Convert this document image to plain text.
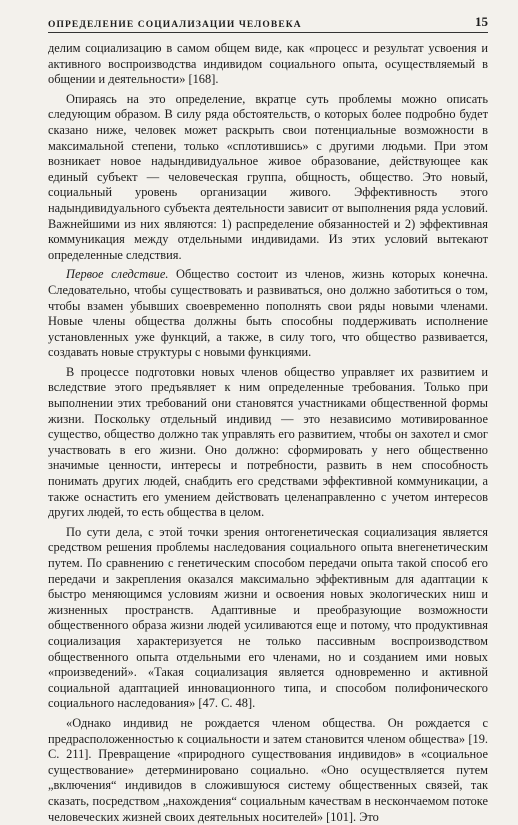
ОПРЕДЕЛЕНИЕ СОЦИАЛИЗАЦИИ ЧЕЛОВЕКА	15

делим социализацию в самом общем виде, как «процесс и результат усвоения и активного воспроизводства индивидом социального опыта, осуществляемый в общении и деятельности» [168].

Опираясь на это определение, вкратце суть проблемы можно описать следующим образом. В силу ряда обстоятельств, о которых более подробно будет сказано ниже, человек может раскрыть свои потенциальные возможности в максимальной степени, только «сплотившись» с другими людьми. При этом возникает новое надындивидуальное живое образование, действующее как единый субъект — человеческая группа, общность, общество. Это новый, социальный уровень организации живого. Эффективность этого надындивидуального субъекта деятельности зависит от выполнения ряда условий. Важнейшими из них являются: 1) распределение обязанностей и 2) эффективная коммуникация между отдельными индивидами. Из этих условий вытекают определенные следствия.

Первое следствие. Общество состоит из членов, жизнь которых конечна. Следовательно, чтобы существовать и развиваться, оно должно заботиться о том, чтобы взамен убывших своевременно пополнять свои ряды новыми членами. Новые члены общества должны быть способны поддерживать исполнение установленных уже функций, а также, в силу того, что общество развивается, создавать новые структуры с новыми функциями.

В процессе подготовки новых членов общество управляет их развитием и вследствие этого предъявляет к ним определенные требования. Только при выполнении этих требований они становятся участниками общественной формы жизни. Поскольку отдельный индивид — это независимо мотивированное существо, общество должно так управлять его развитием, чтобы он захотел и смог участвовать в его жизни. Оно должно: сформировать у него общественно значимые ценности, интересы и потребности, развить в нем способность понимать других людей, снабдить его средствами эффективной коммуникации, а также оснастить его умением действовать целенаправленно с учетом интересов других людей, то есть общества в целом.

По сути дела, с этой точки зрения онтогенетическая социализация является средством решения проблемы наследования социального опыта внегенетическим путем. По сравнению с генетическим способом передачи опыта такой способ его передачи и закрепления оказался максимально эффективным для адаптации к быстро меняющимся условиям жизни и освоения новых экологических ниш и жизненных пространств. Адаптивные и преобразующие возможности общественного образа жизни людей усиливаются еще и потому, что продуктивная социализация характеризуется не только пассивным воспроизводством общественного опыта отдельными его членами, но и созданием ими новых «произведений». «Такая социализация является одновременно и активной социальной адаптацией инновационного типа, и способом полифонического социального наследования» [47. С. 48].

«Однако индивид не рождается членом общества. Он рождается с предрасположенностью к социальности и затем становится членом общества» [19. С. 211]. Превращение «природного существования индивидов» в «социальное существование» детерминировано социально. «Оно осуществляется путем „включения“ индивидов в сложившуюся систему общественных связей, так сказать, посредством „нахождения“ социальным качествам в нескончаемом потоке человеческих жизней своих деятельных носителей» [101]. Это
